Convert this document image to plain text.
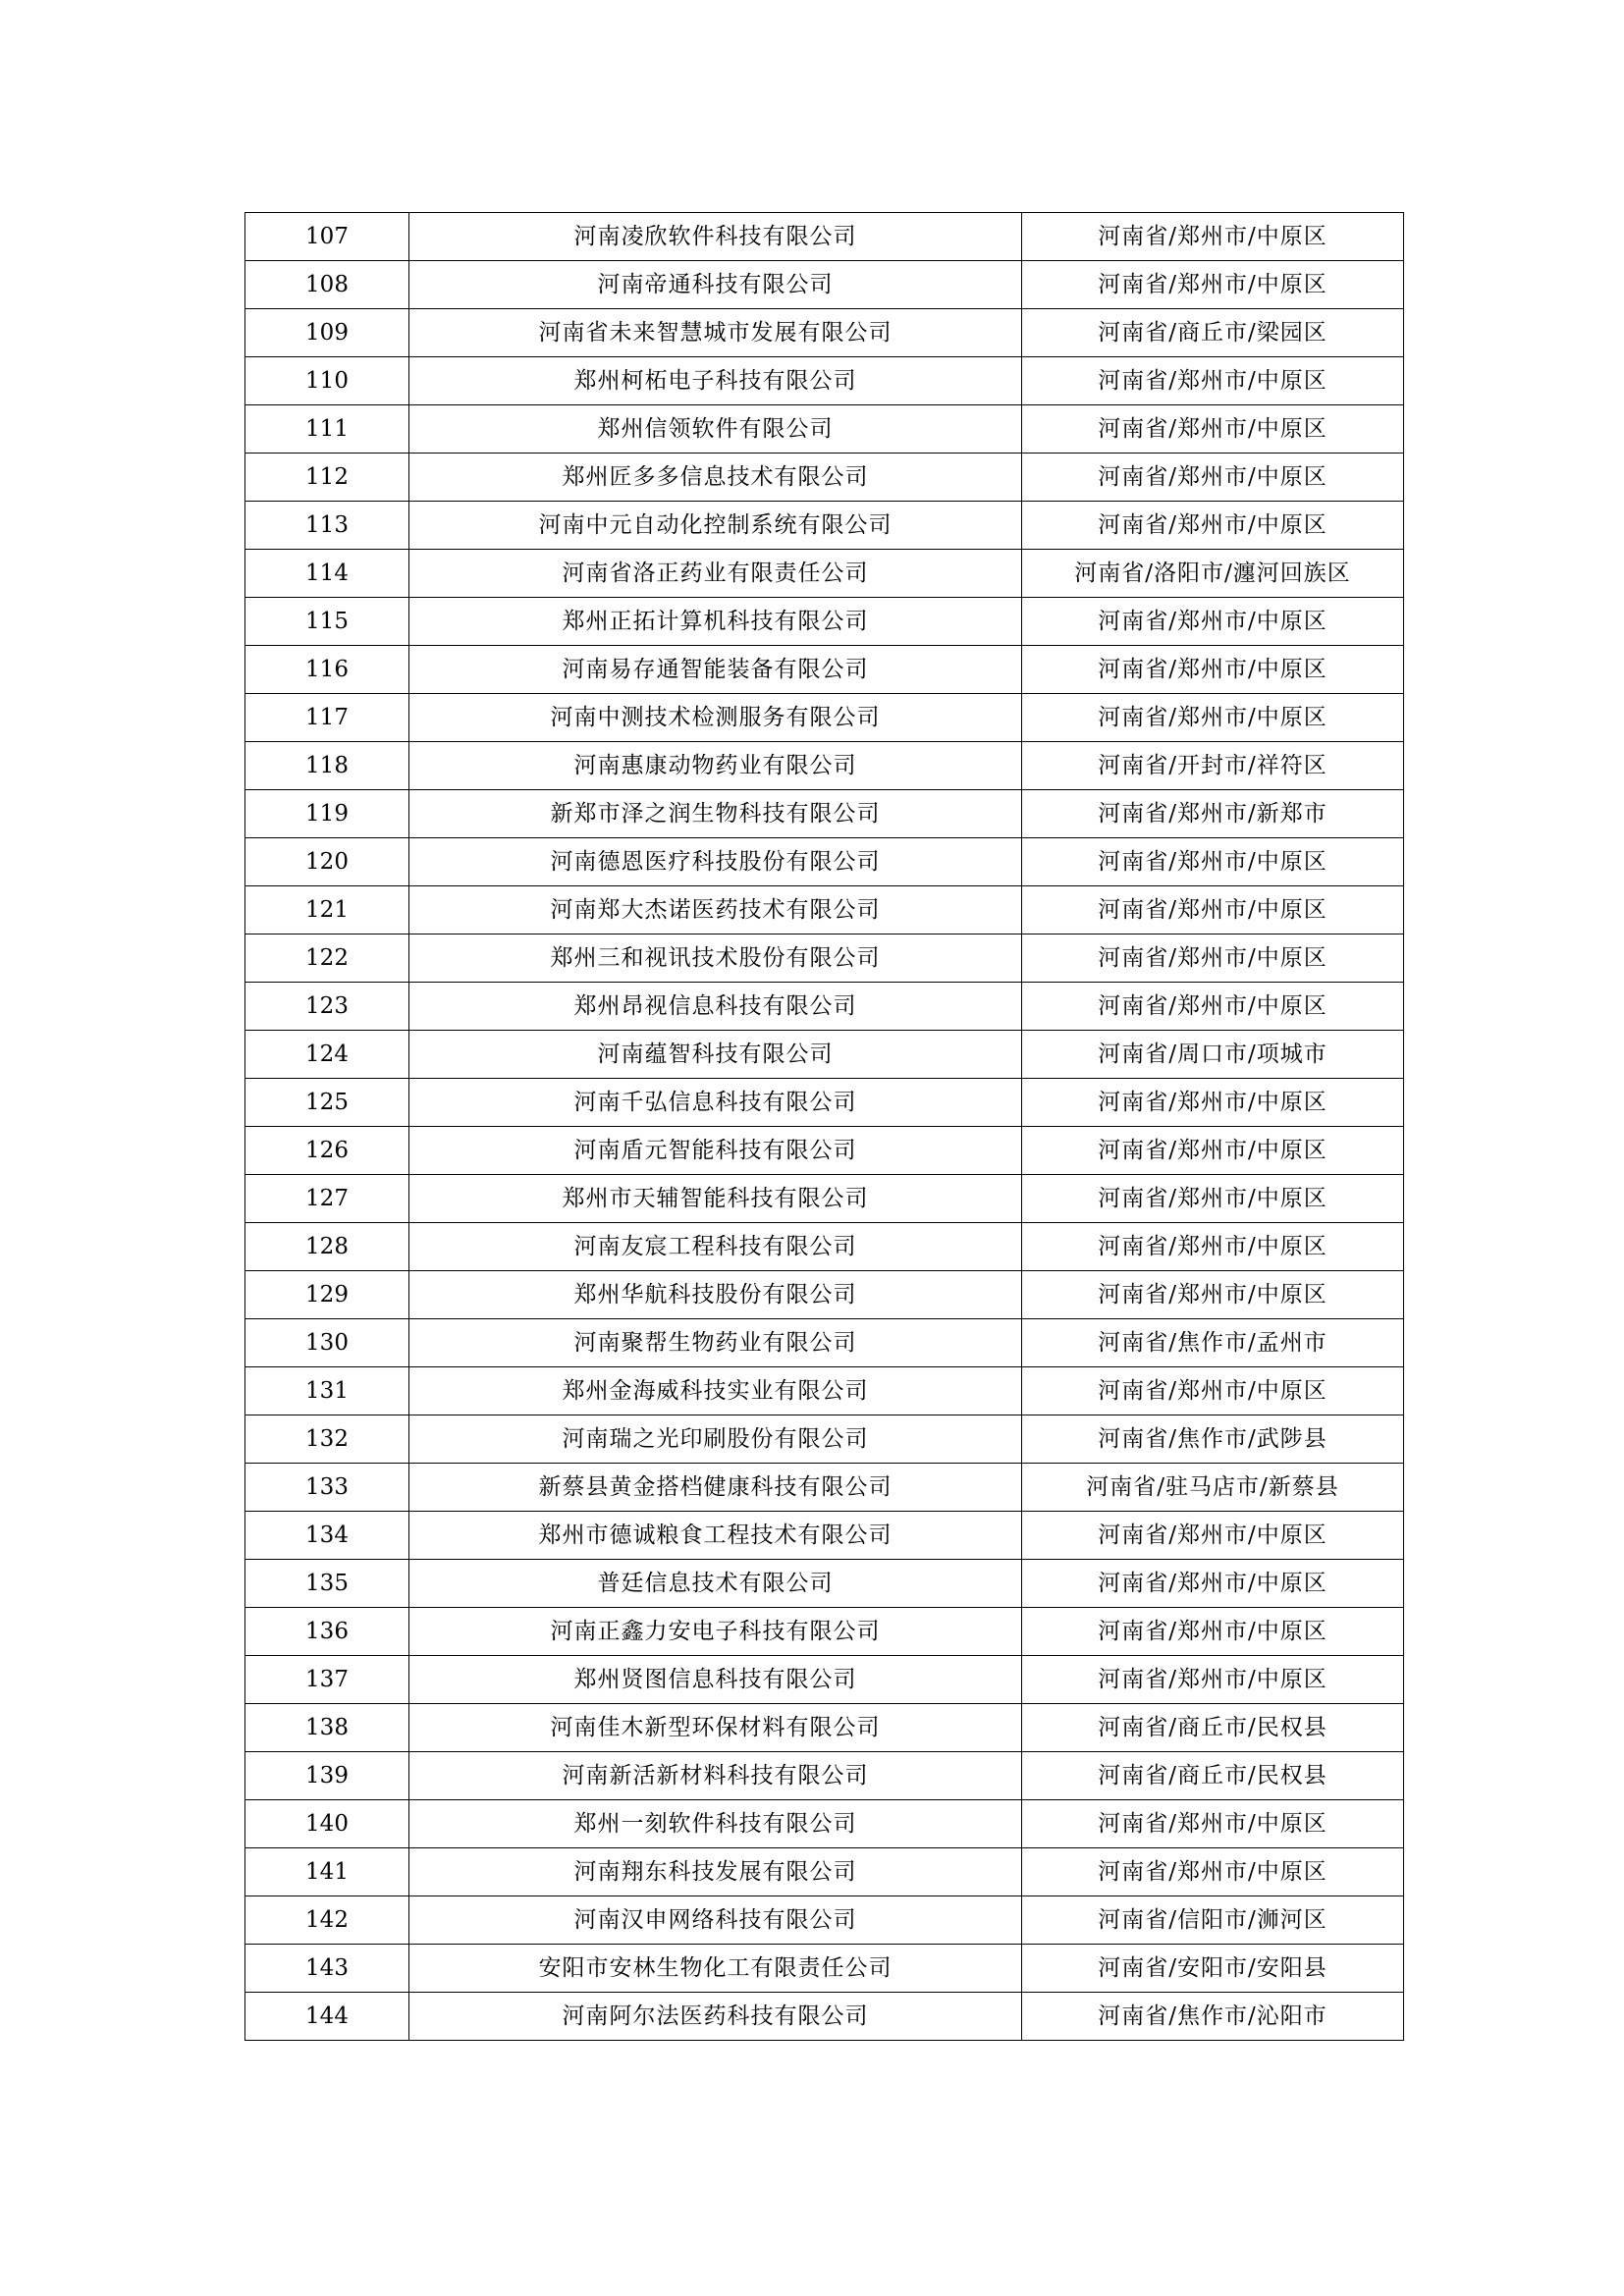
107	河南凌欣软件科技有限公司	河南省/郑州市/中原区
108	河南帝通科技有限公司	河南省/郑州市/中原区
109	河南省未来智慧城市发展有限公司	河南省/商丘市/梁园区
110	郑州柯柘电子科技有限公司	河南省/郑州市/中原区
111	郑州信领软件有限公司	河南省/郑州市/中原区
112	郑州匠多多信息技术有限公司	河南省/郑州市/中原区
113	河南中元自动化控制系统有限公司	河南省/郑州市/中原区
114	河南省洛正药业有限责任公司	河南省/洛阳市/瀍河回族区
115	郑州正拓计算机科技有限公司	河南省/郑州市/中原区
116	河南易存通智能装备有限公司	河南省/郑州市/中原区
117	河南中测技术检测服务有限公司	河南省/郑州市/中原区
118	河南惠康动物药业有限公司	河南省/开封市/祥符区
119	新郑市泽之润生物科技有限公司	河南省/郑州市/新郑市
120	河南德恩医疗科技股份有限公司	河南省/郑州市/中原区
121	河南郑大杰诺医药技术有限公司	河南省/郑州市/中原区
122	郑州三和视讯技术股份有限公司	河南省/郑州市/中原区
123	郑州昂视信息科技有限公司	河南省/郑州市/中原区
124	河南蕴智科技有限公司	河南省/周口市/项城市
125	河南千弘信息科技有限公司	河南省/郑州市/中原区
126	河南盾元智能科技有限公司	河南省/郑州市/中原区
127	郑州市天辅智能科技有限公司	河南省/郑州市/中原区
128	河南友宸工程科技有限公司	河南省/郑州市/中原区
129	郑州华航科技股份有限公司	河南省/郑州市/中原区
130	河南聚帮生物药业有限公司	河南省/焦作市/孟州市
131	郑州金海威科技实业有限公司	河南省/郑州市/中原区
132	河南瑞之光印刷股份有限公司	河南省/焦作市/武陟县
133	新蔡县黄金搭档健康科技有限公司	河南省/驻马店市/新蔡县
134	郑州市德诚粮食工程技术有限公司	河南省/郑州市/中原区
135	普廷信息技术有限公司	河南省/郑州市/中原区
136	河南正鑫力安电子科技有限公司	河南省/郑州市/中原区
137	郑州贤图信息科技有限公司	河南省/郑州市/中原区
138	河南佳木新型环保材料有限公司	河南省/商丘市/民权县
139	河南新活新材料科技有限公司	河南省/商丘市/民权县
140	郑州一刻软件科技有限公司	河南省/郑州市/中原区
141	河南翔东科技发展有限公司	河南省/郑州市/中原区
142	河南汉申网络科技有限公司	河南省/信阳市/浉河区
143	安阳市安林生物化工有限责任公司	河南省/安阳市/安阳县
144	河南阿尔法医药科技有限公司	河南省/焦作市/沁阳市
